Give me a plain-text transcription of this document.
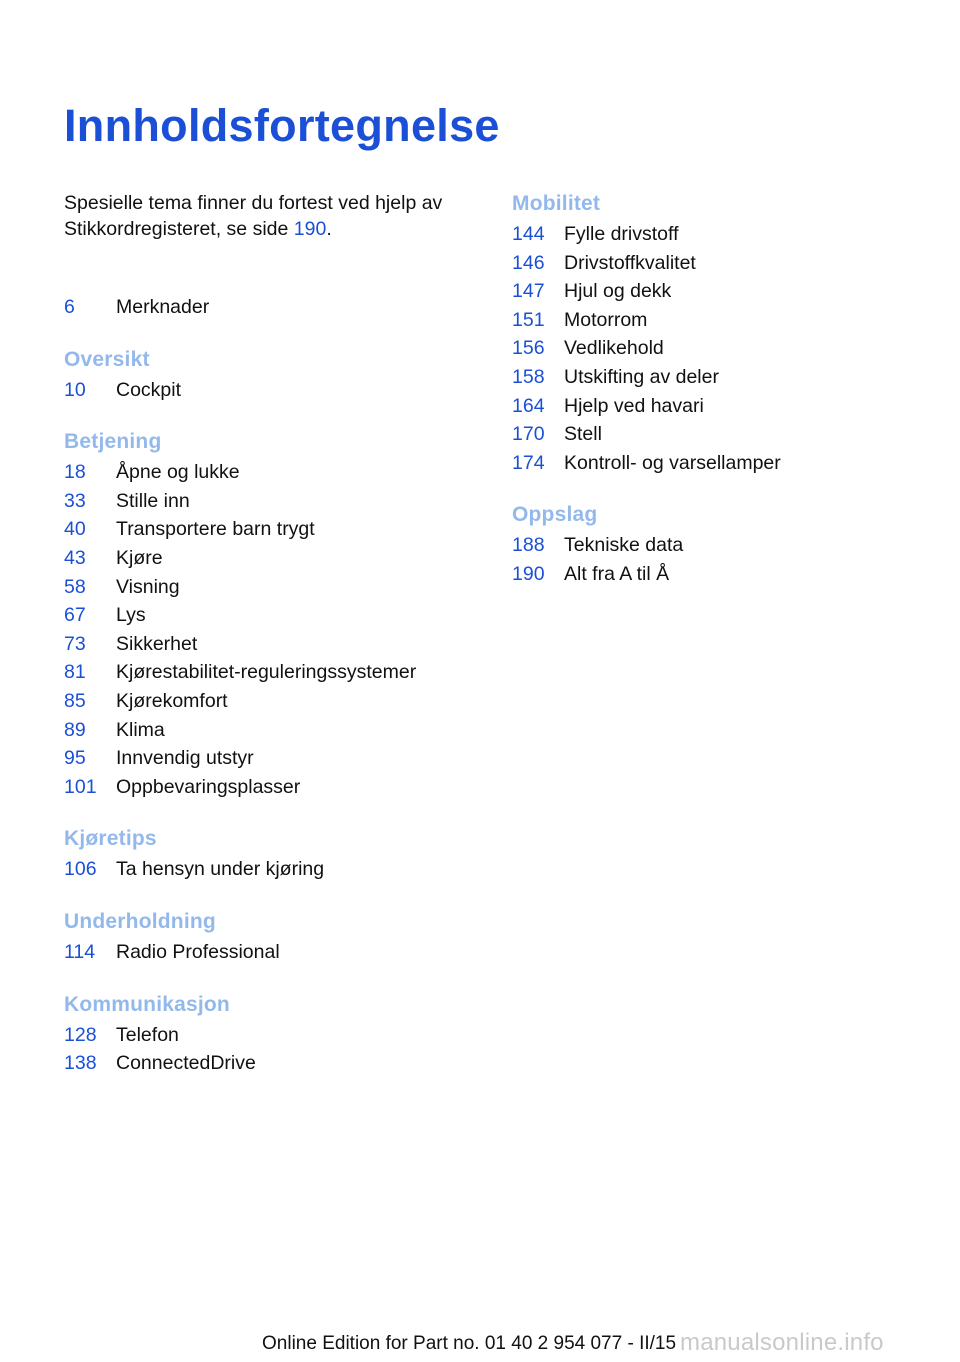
Innholdsfortegnelse

Spesielle tema finner du fortest ved hjelp av Stikkordregisteret, se side 190.

6	Merknader
Oversikt
10	Cockpit
Betjening
18	Åpne og lukke
33	Stille inn
40	Transportere barn trygt
43	Kjøre
58	Visning
67	Lys
73	Sikkerhet
81	Kjørestabilitet-reguleringssystemer
85	Kjørekomfort
89	Klima
95	Innvendig utstyr
101 Oppbevaringsplasser
Kjøretips
106 Ta hensyn under kjøring
Underholdning
114	Radio Professional
Kommunikasjon
128 Telefon
138 ConnectedDrive
Mobilitet
144 Fylle drivstoff
146 Drivstoffkvalitet
147 Hjul og dekk
151 Motorrom
156 Vedlikehold
158 Utskifting av deler
164 Hjelp ved havari
170 Stell
174 Kontroll- og varsellamper
Oppslag
188 Tekniske data
190 Alt fra A til Å
Online Edition for Part no. 01 40 2 954 077 - II/15 manualsonline.info
